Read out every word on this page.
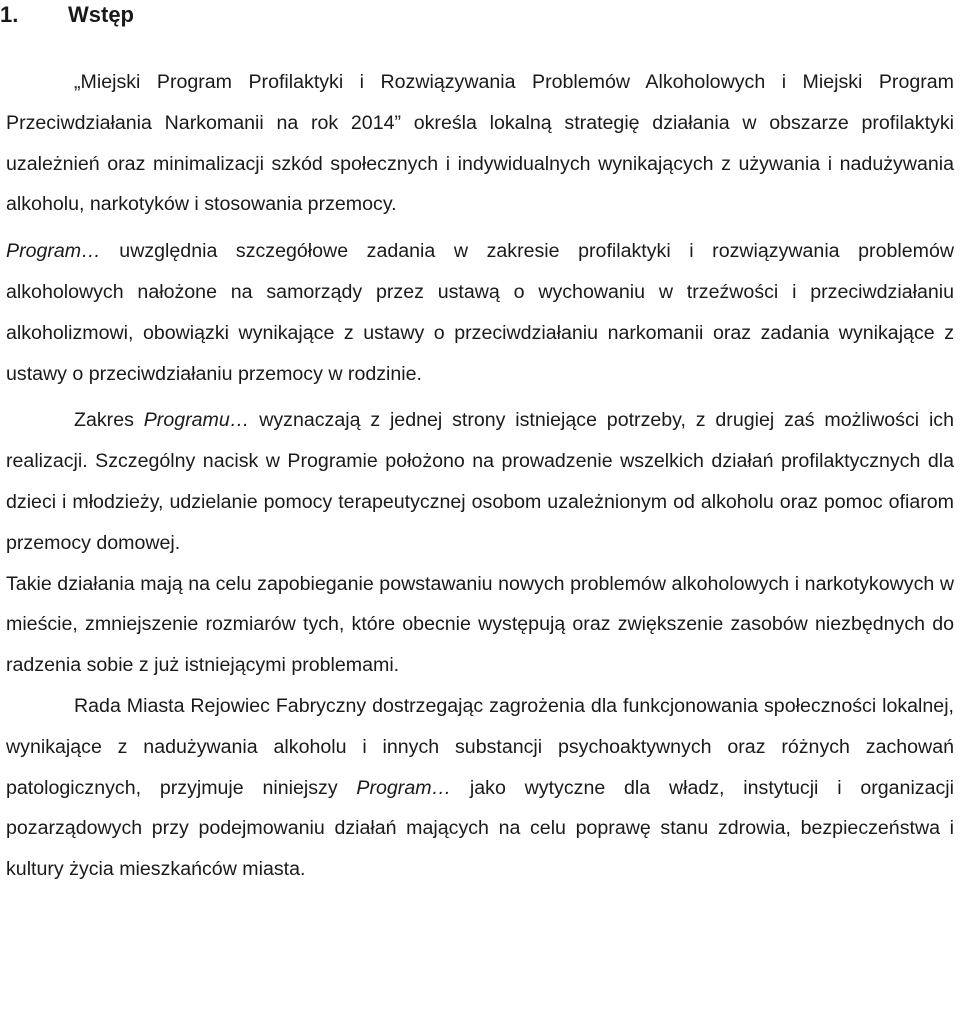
1.	Wstęp

„Miejski Program Profilaktyki i Rozwiązywania Problemów Alkoholowych i Miejski Program Przeciwdziałania Narkomanii na rok 2014” określa lokalną strategię działania w obszarze profilaktyki uzależnień oraz minimalizacji szkód społecznych i indywidualnych wynikających z używania i nadużywania alkoholu, narkotyków i stosowania przemocy.

Program… uwzględnia szczegółowe zadania w zakresie profilaktyki i rozwiązywania problemów alkoholowych nałożone na samorządy przez ustawą o wychowaniu w trzeźwości i przeciwdziałaniu alkoholizmowi, obowiązki wynikające z ustawy o przeciwdziałaniu narkomanii oraz zadania wynikające z ustawy o przeciwdziałaniu przemocy w rodzinie.

Zakres Programu… wyznaczają z jednej strony istniejące potrzeby, z drugiej zaś możliwości ich realizacji. Szczególny nacisk w Programie położono na prowadzenie wszelkich działań profilaktycznych dla dzieci i młodzieży, udzielanie pomocy terapeutycznej osobom uzależnionym od alkoholu oraz pomoc ofiarom przemocy domowej.

Takie działania mają na celu zapobieganie powstawaniu nowych problemów alkoholowych i narkotykowych w mieście, zmniejszenie rozmiarów tych, które obecnie występują oraz zwiększenie zasobów niezbędnych do radzenia sobie z już istniejącymi problemami.

Rada Miasta Rejowiec Fabryczny dostrzegając zagrożenia dla funkcjonowania społeczności lokalnej, wynikające z nadużywania alkoholu i innych substancji psychoaktywnych oraz różnych zachowań patologicznych, przyjmuje niniejszy Program… jako wytyczne dla władz, instytucji i organizacji pozarządowych przy podejmowaniu działań mających na celu poprawę stanu zdrowia, bezpieczeństwa i kultury życia mieszkańców miasta.
